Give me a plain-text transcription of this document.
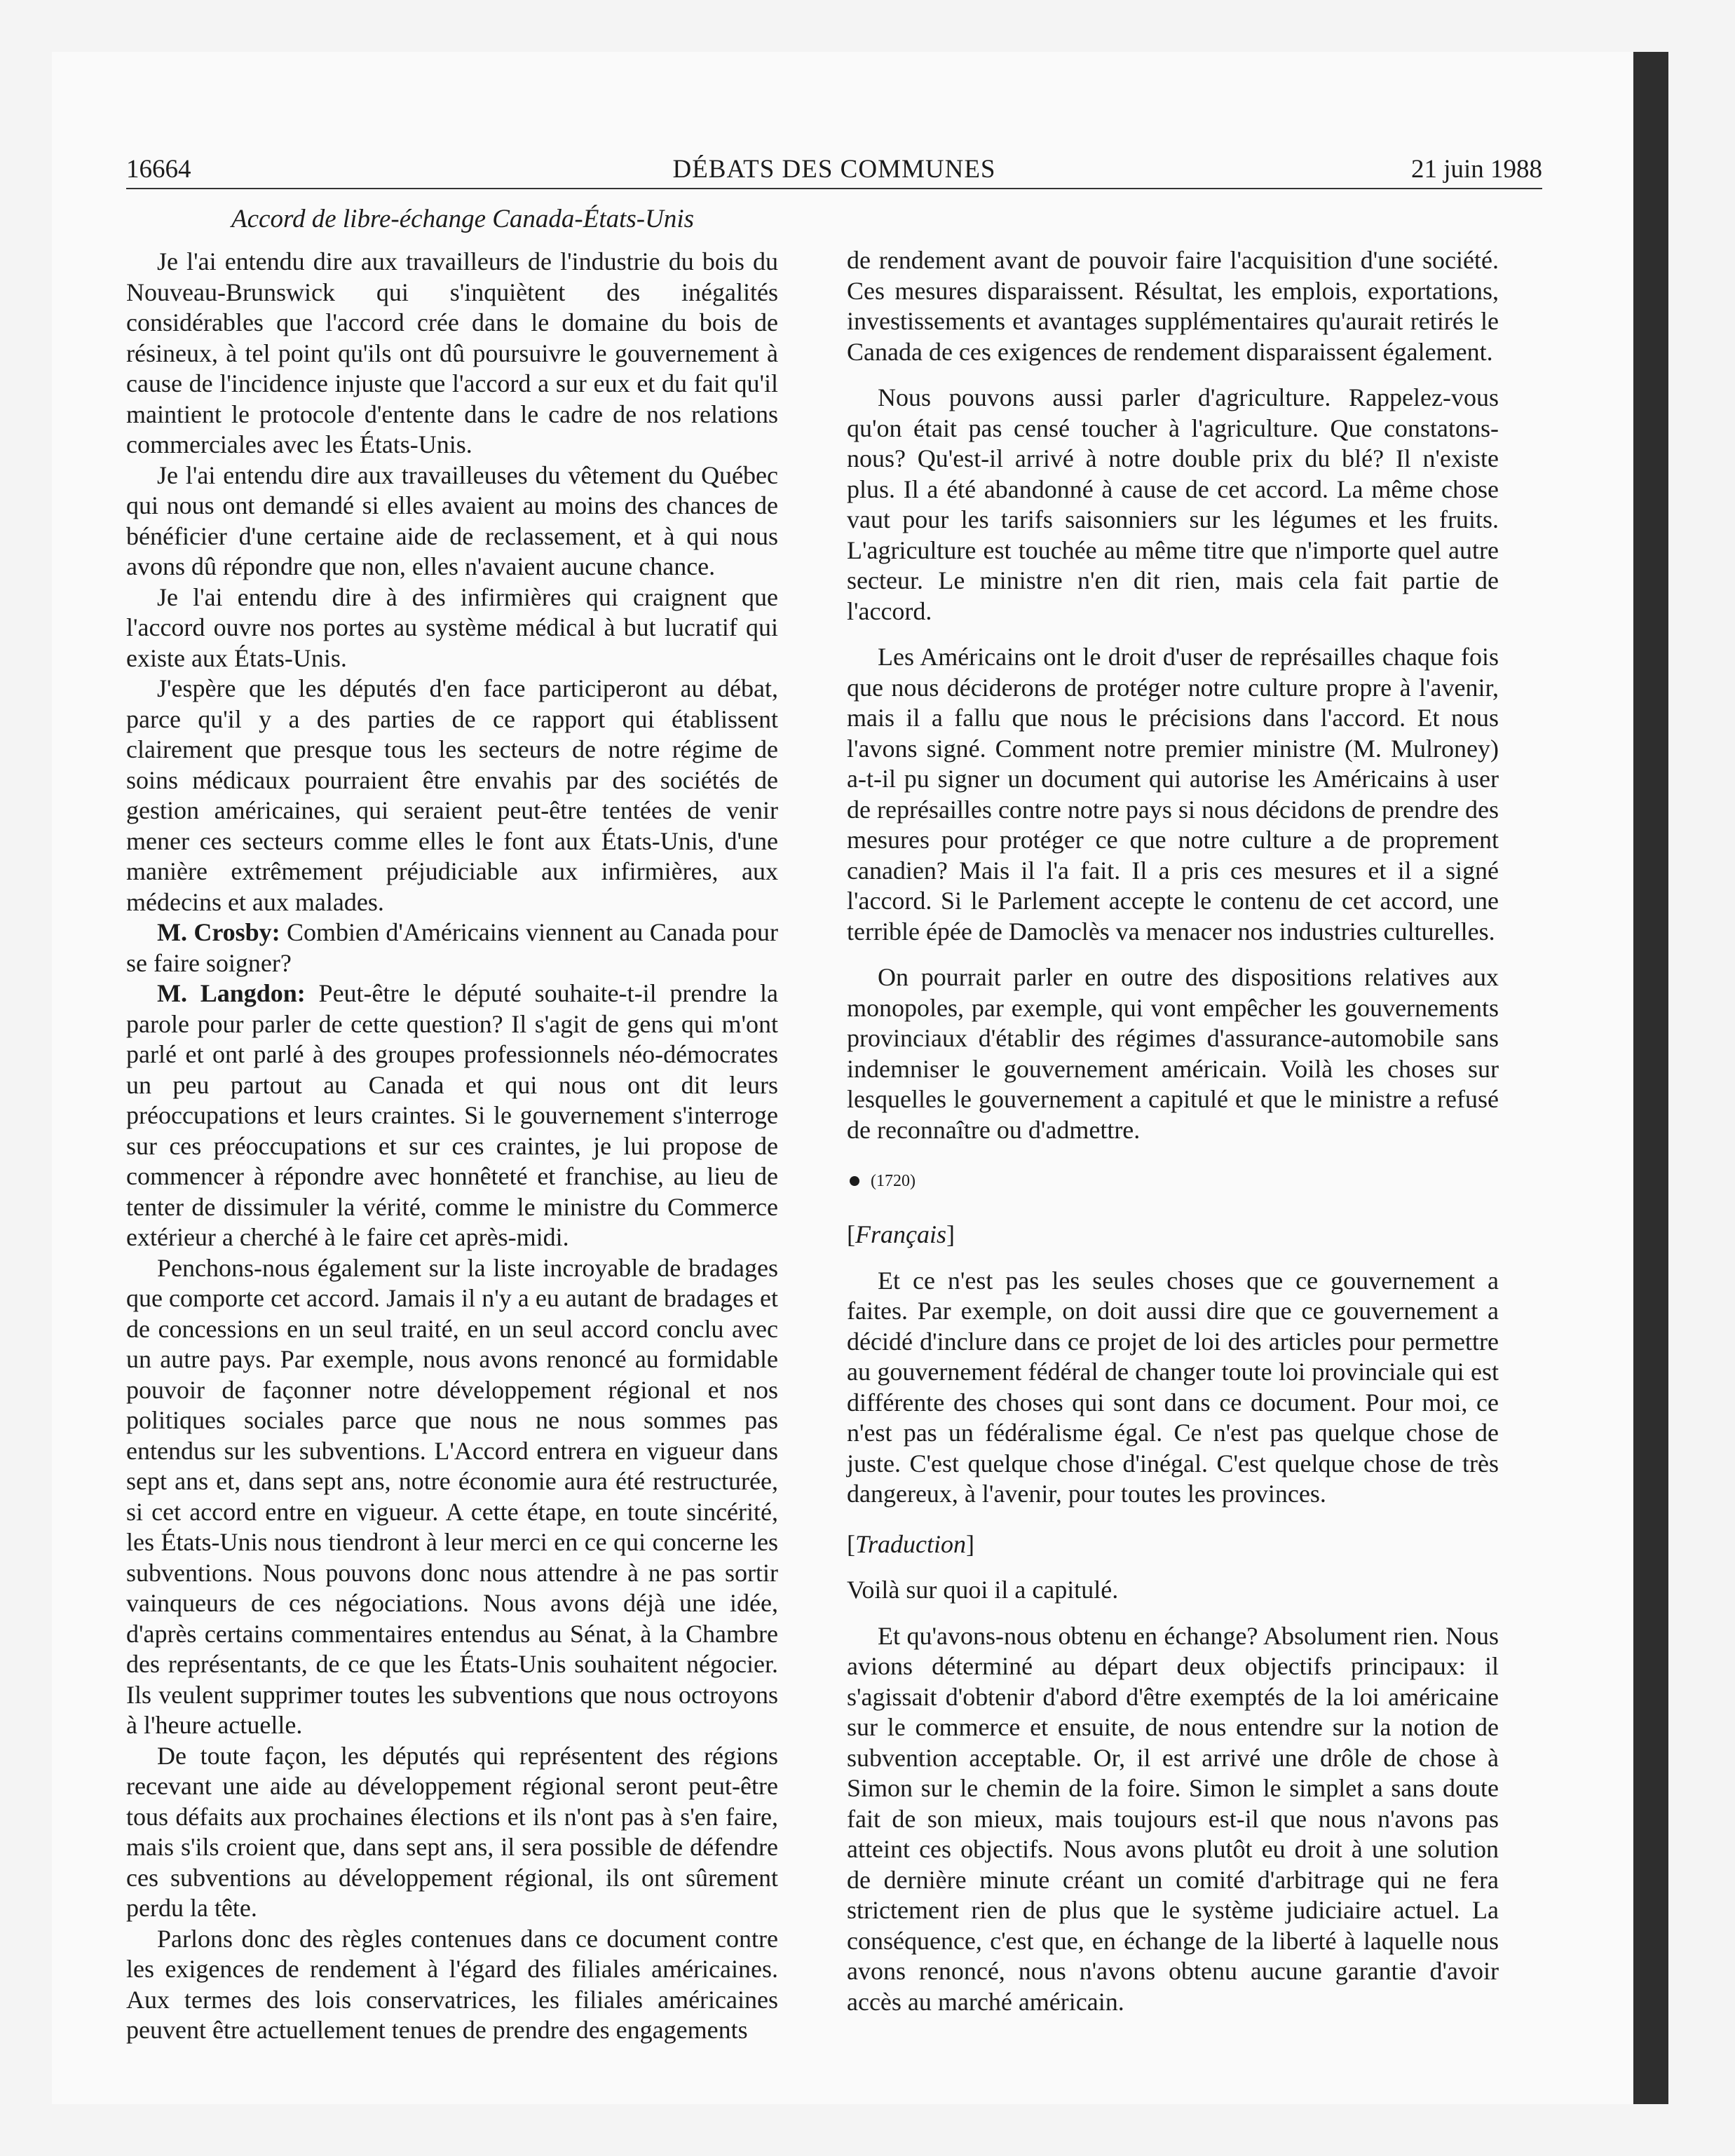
16664	DÉBATS DES COMMUNES	21 juin 1988
Accord de libre-échange Canada-États-Unis

Je l'ai entendu dire aux travailleurs de l'industrie du bois du Nouveau-Brunswick qui s'inquiètent des inégalités considérables que l'accord crée dans le domaine du bois de résineux, à tel point qu'ils ont dû poursuivre le gouvernement à cause de l'incidence injuste que l'accord a sur eux et du fait qu'il maintient le protocole d'entente dans le cadre de nos relations commerciales avec les États-Unis.

Je l'ai entendu dire aux travailleuses du vêtement du Québec qui nous ont demandé si elles avaient au moins des chances de bénéficier d'une certaine aide de reclassement, et à qui nous avons dû répondre que non, elles n'avaient aucune chance.

Je l'ai entendu dire à des infirmières qui craignent que l'accord ouvre nos portes au système médical à but lucratif qui existe aux États-Unis.

J'espère que les députés d'en face participeront au débat, parce qu'il y a des parties de ce rapport qui établissent clairement que presque tous les secteurs de notre régime de soins médicaux pourraient être envahis par des sociétés de gestion américaines, qui seraient peut-être tentées de venir mener ces secteurs comme elles le font aux États-Unis, d'une manière extrêmement préjudiciable aux infirmières, aux médecins et aux malades.

M. Crosby: Combien d'Américains viennent au Canada pour se faire soigner?

M. Langdon: Peut-être le député souhaite-t-il prendre la parole pour parler de cette question? Il s'agit de gens qui m'ont parlé et ont parlé à des groupes professionnels néo-démocrates un peu partout au Canada et qui nous ont dit leurs préoccupations et leurs craintes. Si le gouvernement s'interroge sur ces préoccupations et sur ces craintes, je lui propose de commencer à répondre avec honnêteté et franchise, au lieu de tenter de dissimuler la vérité, comme le ministre du Commerce extérieur a cherché à le faire cet après-midi.

Penchons-nous également sur la liste incroyable de bradages que comporte cet accord. Jamais il n'y a eu autant de bradages et de concessions en un seul traité, en un seul accord conclu avec un autre pays. Par exemple, nous avons renoncé au formidable pouvoir de façonner notre développement régional et nos politiques sociales parce que nous ne nous sommes pas entendus sur les subventions. L'Accord entrera en vigueur dans sept ans et, dans sept ans, notre économie aura été restructurée, si cet accord entre en vigueur. A cette étape, en toute sincérité, les États-Unis nous tiendront à leur merci en ce qui concerne les subventions. Nous pouvons donc nous attendre à ne pas sortir vainqueurs de ces négociations. Nous avons déjà une idée, d'après certains commentaires entendus au Sénat, à la Chambre des représentants, de ce que les États-Unis souhaitent négocier. Ils veulent supprimer toutes les subventions que nous octroyons à l'heure actuelle.

De toute façon, les députés qui représentent des régions recevant une aide au développement régional seront peut-être tous défaits aux prochaines élections et ils n'ont pas à s'en faire, mais s'ils croient que, dans sept ans, il sera possible de défendre ces subventions au développement régional, ils ont sûrement perdu la tête.

Parlons donc des règles contenues dans ce document contre les exigences de rendement à l'égard des filiales américaines. Aux termes des lois conservatrices, les filiales américaines peuvent être actuellement tenues de prendre des engagements

de rendement avant de pouvoir faire l'acquisition d'une société. Ces mesures disparaissent. Résultat, les emplois, exportations, investissements et avantages supplémentaires qu'aurait retirés le Canada de ces exigences de rendement disparaissent également.

Nous pouvons aussi parler d'agriculture. Rappelez-vous qu'on était pas censé toucher à l'agriculture. Que constatons-nous? Qu'est-il arrivé à notre double prix du blé? Il n'existe plus. Il a été abandonné à cause de cet accord. La même chose vaut pour les tarifs saisonniers sur les légumes et les fruits. L'agriculture est touchée au même titre que n'importe quel autre secteur. Le ministre n'en dit rien, mais cela fait partie de l'accord.

Les Américains ont le droit d'user de représailles chaque fois que nous déciderons de protéger notre culture propre à l'avenir, mais il a fallu que nous le précisions dans l'accord. Et nous l'avons signé. Comment notre premier ministre (M. Mulroney) a-t-il pu signer un document qui autorise les Américains à user de représailles contre notre pays si nous décidons de prendre des mesures pour protéger ce que notre culture a de proprement canadien? Mais il l'a fait. Il a pris ces mesures et il a signé l'accord. Si le Parlement accepte le contenu de cet accord, une terrible épée de Damoclès va menacer nos industries culturelles.

On pourrait parler en outre des dispositions relatives aux monopoles, par exemple, qui vont empêcher les gouvernements provinciaux d'établir des régimes d'assurance-automobile sans indemniser le gouvernement américain. Voilà les choses sur lesquelles le gouvernement a capitulé et que le ministre a refusé de reconnaître ou d'admettre.

(1720)

[Français]

Et ce n'est pas les seules choses que ce gouvernement a faites. Par exemple, on doit aussi dire que ce gouvernement a décidé d'inclure dans ce projet de loi des articles pour permettre au gouvernement fédéral de changer toute loi provinciale qui est différente des choses qui sont dans ce document. Pour moi, ce n'est pas un fédéralisme égal. Ce n'est pas quelque chose de juste. C'est quelque chose d'inégal. C'est quelque chose de très dangereux, à l'avenir, pour toutes les provinces.

[Traduction]

Voilà sur quoi il a capitulé.

Et qu'avons-nous obtenu en échange? Absolument rien. Nous avions déterminé au départ deux objectifs principaux: il s'agissait d'obtenir d'abord d'être exemptés de la loi américaine sur le commerce et ensuite, de nous entendre sur la notion de subvention acceptable. Or, il est arrivé une drôle de chose à Simon sur le chemin de la foire. Simon le simplet a sans doute fait de son mieux, mais toujours est-il que nous n'avons pas atteint ces objectifs. Nous avons plutôt eu droit à une solution de dernière minute créant un comité d'arbitrage qui ne fera strictement rien de plus que le système judiciaire actuel. La conséquence, c'est que, en échange de la liberté à laquelle nous avons renoncé, nous n'avons obtenu aucune garantie d'avoir accès au marché américain.
